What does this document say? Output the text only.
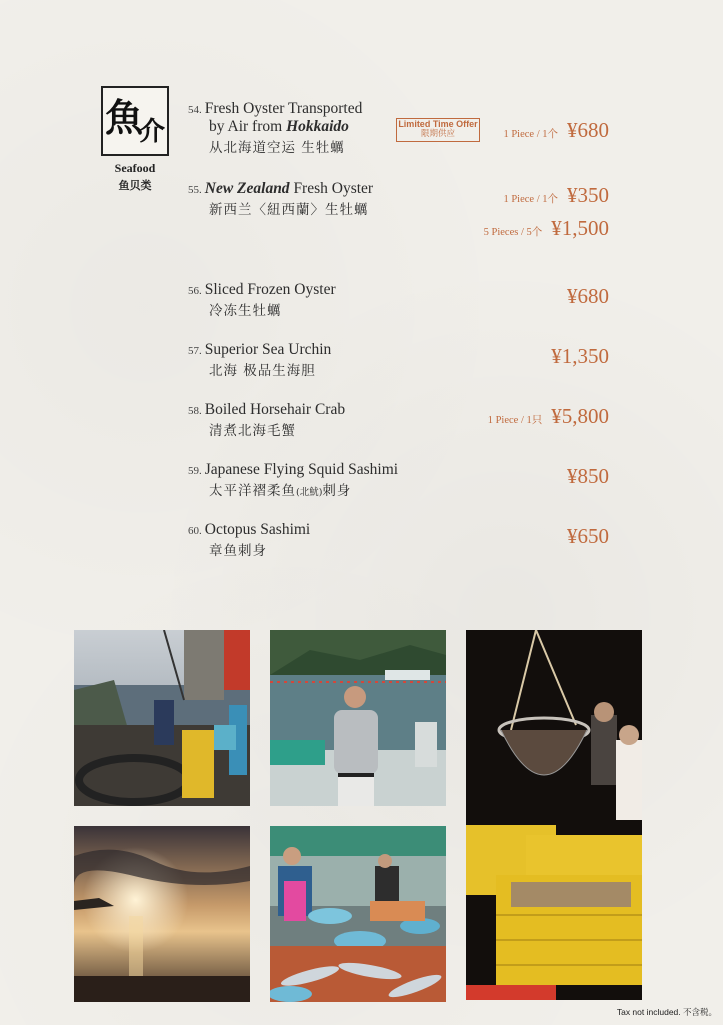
魚
介
Seafood
鱼贝类
54. Fresh Oyster Transported
by Air from Hokkaido
从北海道空运 生牡蠣
Limited Time Offer
限期供应	1 Piece / 1个 ¥680
55. New Zealand Fresh Oyster
新西兰〈紐西蘭〉生牡蠣
1 Piece / 1个 ¥350
5 Pieces / 5个 ¥1,500
56. Sliced Frozen Oyster
冷冻生牡蠣
¥680
57. Superior Sea Urchin
北海 极品生海胆
¥1,350
58. Boiled Horsehair Crab
清煮北海毛蟹
1 Piece / 1只 ¥5,800
59. Japanese Flying Squid Sashimi
太平洋褶柔鱼(北魷)刺身
¥850
60. Octopus Sashimi
章鱼刺身
¥650
Tax not included. 不含税。
